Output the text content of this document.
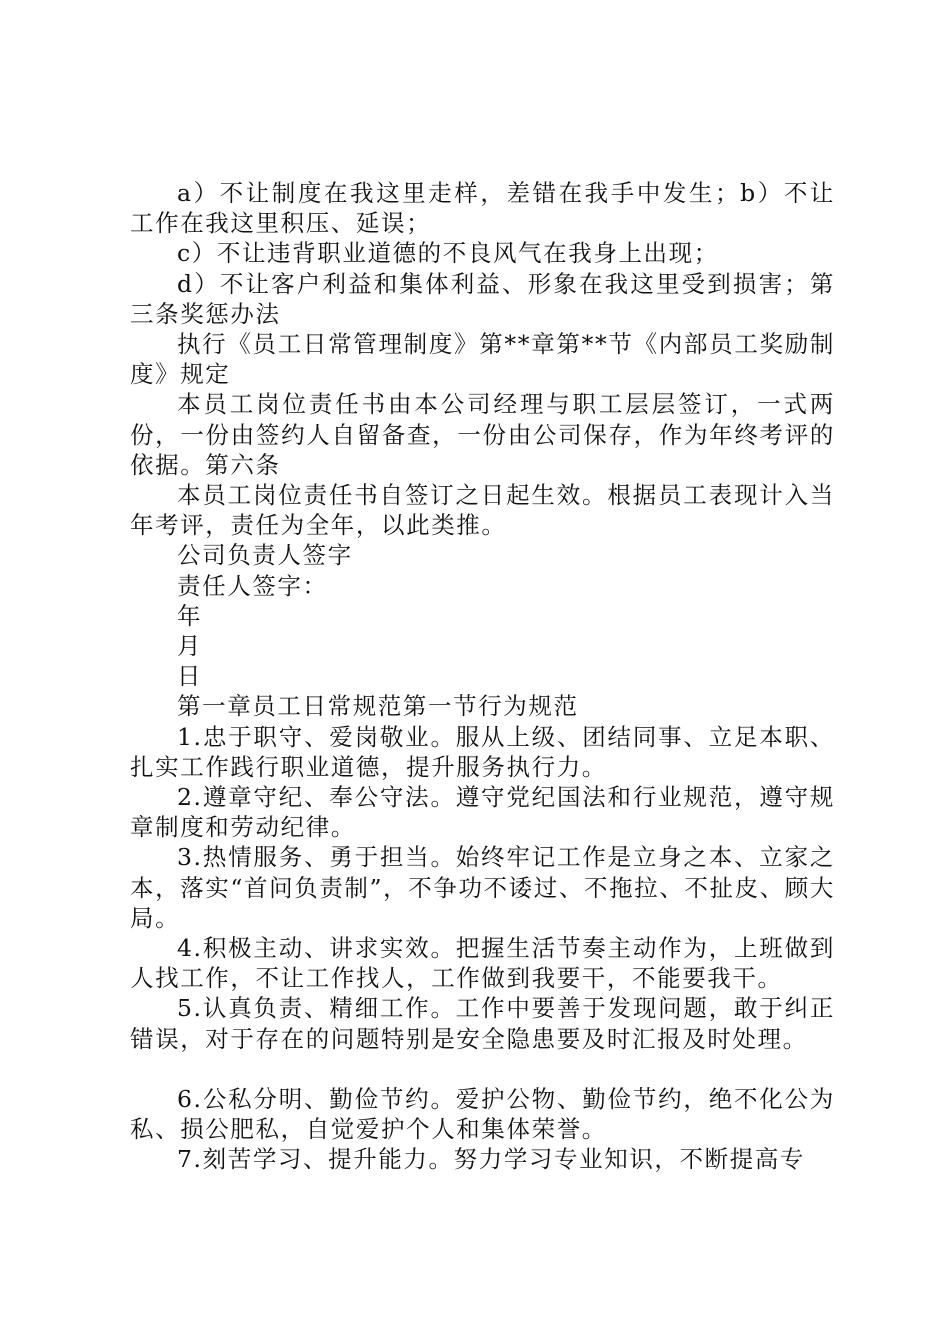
a）不让制度在我这里走样，差错在我手中发生；b）不让工作在我这里积压、延误；

c）不让违背职业道德的不良风气在我身上出现；

d）不让客户利益和集体利益、形象在我这里受到损害；第三条奖惩办法

执行《员工日常管理制度》第**章第**节《内部员工奖励制度》规定

本员工岗位责任书由本公司经理与职工层层签订，一式两份，一份由签约人自留备查，一份由公司保存，作为年终考评的依据。第六条

本员工岗位责任书自签订之日起生效。根据员工表现计入当年考评，责任为全年，以此类推。

公司负责人签字

责任人签字：

年

月

日

第一章员工日常规范第一节行为规范

1.忠于职守、爱岗敬业。服从上级、团结同事、立足本职、扎实工作践行职业道德，提升服务执行力。

2.遵章守纪、奉公守法。遵守党纪国法和行业规范，遵守规章制度和劳动纪律。

3.热情服务、勇于担当。始终牢记工作是立身之本、立家之本，落实“首问负责制”，不争功不诿过、不拖拉、不扯皮、顾大局。

4.积极主动、讲求实效。把握生活节奏主动作为，上班做到人找工作，不让工作找人，工作做到我要干，不能要我干。

5.认真负责、精细工作。工作中要善于发现问题，敢于纠正错误，对于存在的问题特别是安全隐患要及时汇报及时处理。

6.公私分明、勤俭节约。爱护公物、勤俭节约，绝不化公为私、损公肥私，自觉爱护个人和集体荣誉。

7.刻苦学习、提升能力。努力学习专业知识，不断提高专
